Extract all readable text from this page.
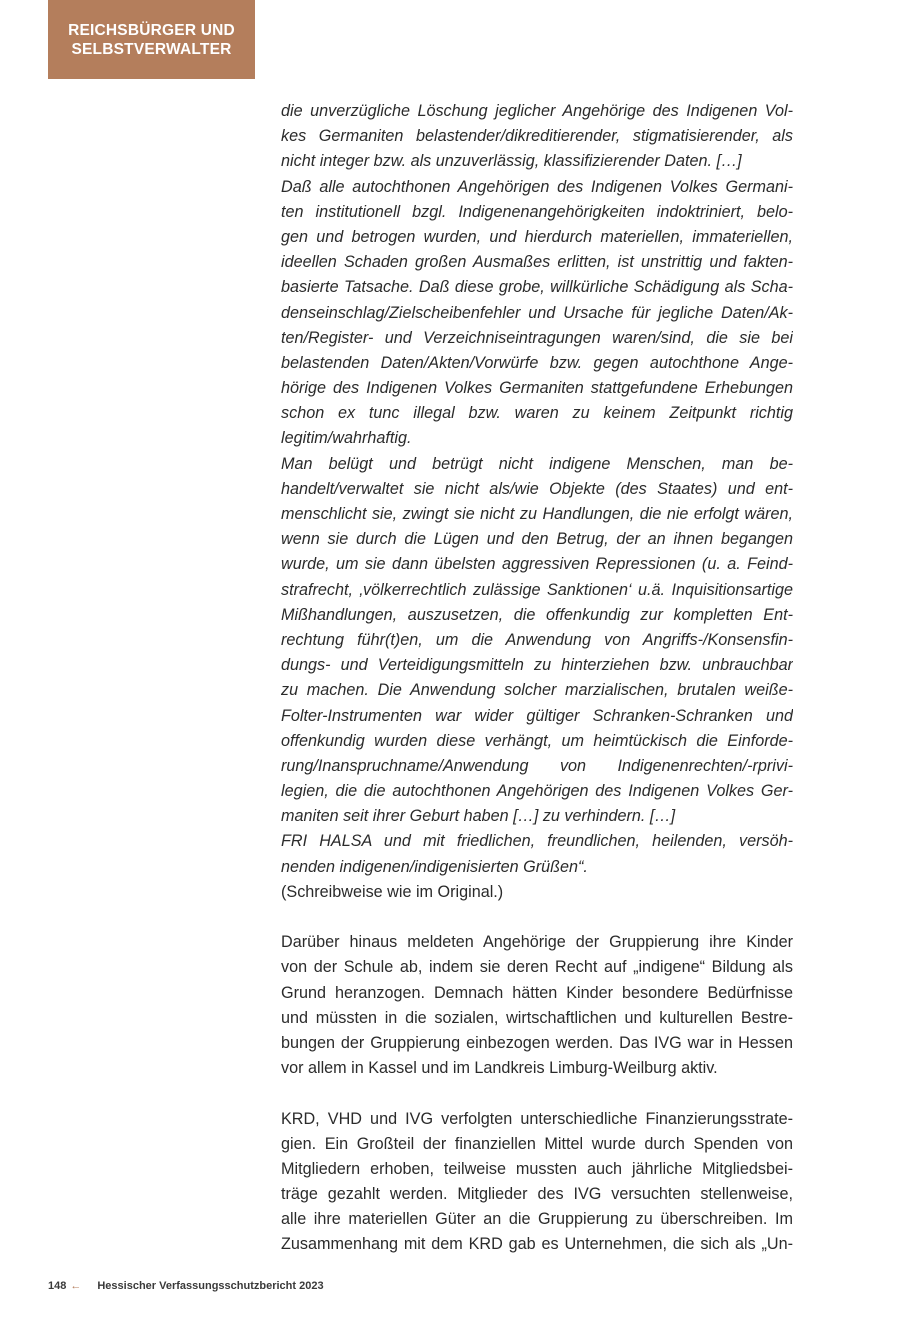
REICHSBÜRGER UND
SELBSTVERWALTER
die unverzügliche Löschung jeglicher Angehörige des Indigenen Vol-
kes Germaniten belastender/dikreditierender, stigmatisierender, als
nicht integer bzw. als unzuverlässig, klassifizierender Daten. […]
Daß alle autochthonen Angehörigen des Indigenen Volkes Germani-
ten institutionell bzgl. Indigenenangehörigkeiten indoktriniert, belo-
gen und betrogen wurden, und hierdurch materiellen, immateriellen,
ideellen Schaden großen Ausmaßes erlitten, ist unstrittig und fakten-
basierte Tatsache. Daß diese grobe, willkürliche Schädigung als Scha-
denseinschlag/Zielscheibenfehler und Ursache für jegliche Daten/Ak-
ten/Register- und Verzeichniseintragungen waren/sind, die sie bei
belastenden Daten/Akten/Vorwürfe bzw. gegen autochthone Ange-
hörige des Indigenen Volkes Germaniten stattgefundene Erhebungen
schon ex tunc illegal bzw. waren zu keinem Zeitpunkt richtig
legitim/wahrhaftig.
Man belügt und betrügt nicht indigene Menschen, man be-
handelt/verwaltet sie nicht als/wie Objekte (des Staates) und ent-
menschlicht sie, zwingt sie nicht zu Handlungen, die nie erfolgt wären,
wenn sie durch die Lügen und den Betrug, der an ihnen begangen
wurde, um sie dann übelsten aggressiven Repressionen (u. a. Feind-
strafrecht, ‚völkerrechtlich zulässige Sanktionen‘ u.ä. Inquisitionsartige
Mißhandlungen, auszusetzen, die offenkundig zur kompletten Ent-
rechtung führ(t)en, um die Anwendung von Angriffs-/Konsensfin-
dungs- und Verteidigungsmitteln zu hinterziehen bzw. unbrauchbar
zu machen. Die Anwendung solcher marzialischen, brutalen weiße-
Folter-Instrumenten war wider gültiger Schranken-Schranken und
offenkundig wurden diese verhängt, um heimtückisch die Einforde-
rung/Inanspruchname/Anwendung von Indigenenrechten/-rprivi-
legien, die die autochthonen Angehörigen des Indigenen Volkes Ger-
maniten seit ihrer Geburt haben […] zu verhindern. […]
FRI HALSA und mit friedlichen, freundlichen, heilenden, versöh-
nenden indigenen/indigenisierten Grüßen“.
(Schreibweise wie im Original.)
Darüber hinaus meldeten Angehörige der Gruppierung ihre Kinder
von der Schule ab, indem sie deren Recht auf „indigene“ Bildung als
Grund heranzogen. Demnach hätten Kinder besondere Bedürfnisse
und müssten in die sozialen, wirtschaftlichen und kulturellen Bestre-
bungen der Gruppierung einbezogen werden. Das IVG war in Hessen
vor allem in Kassel und im Landkreis Limburg-Weilburg aktiv.
KRD, VHD und IVG verfolgten unterschiedliche Finanzierungsstrate-
gien. Ein Großteil der finanziellen Mittel wurde durch Spenden von
Mitgliedern erhoben, teilweise mussten auch jährliche Mitgliedsbei-
träge gezahlt werden. Mitglieder des IVG versuchten stellenweise,
alle ihre materiellen Güter an die Gruppierung zu überschreiben. Im
Zusammenhang mit dem KRD gab es Unternehmen, die sich als „Un-
148 ← Hessischer Verfassungsschutzbericht 2023
